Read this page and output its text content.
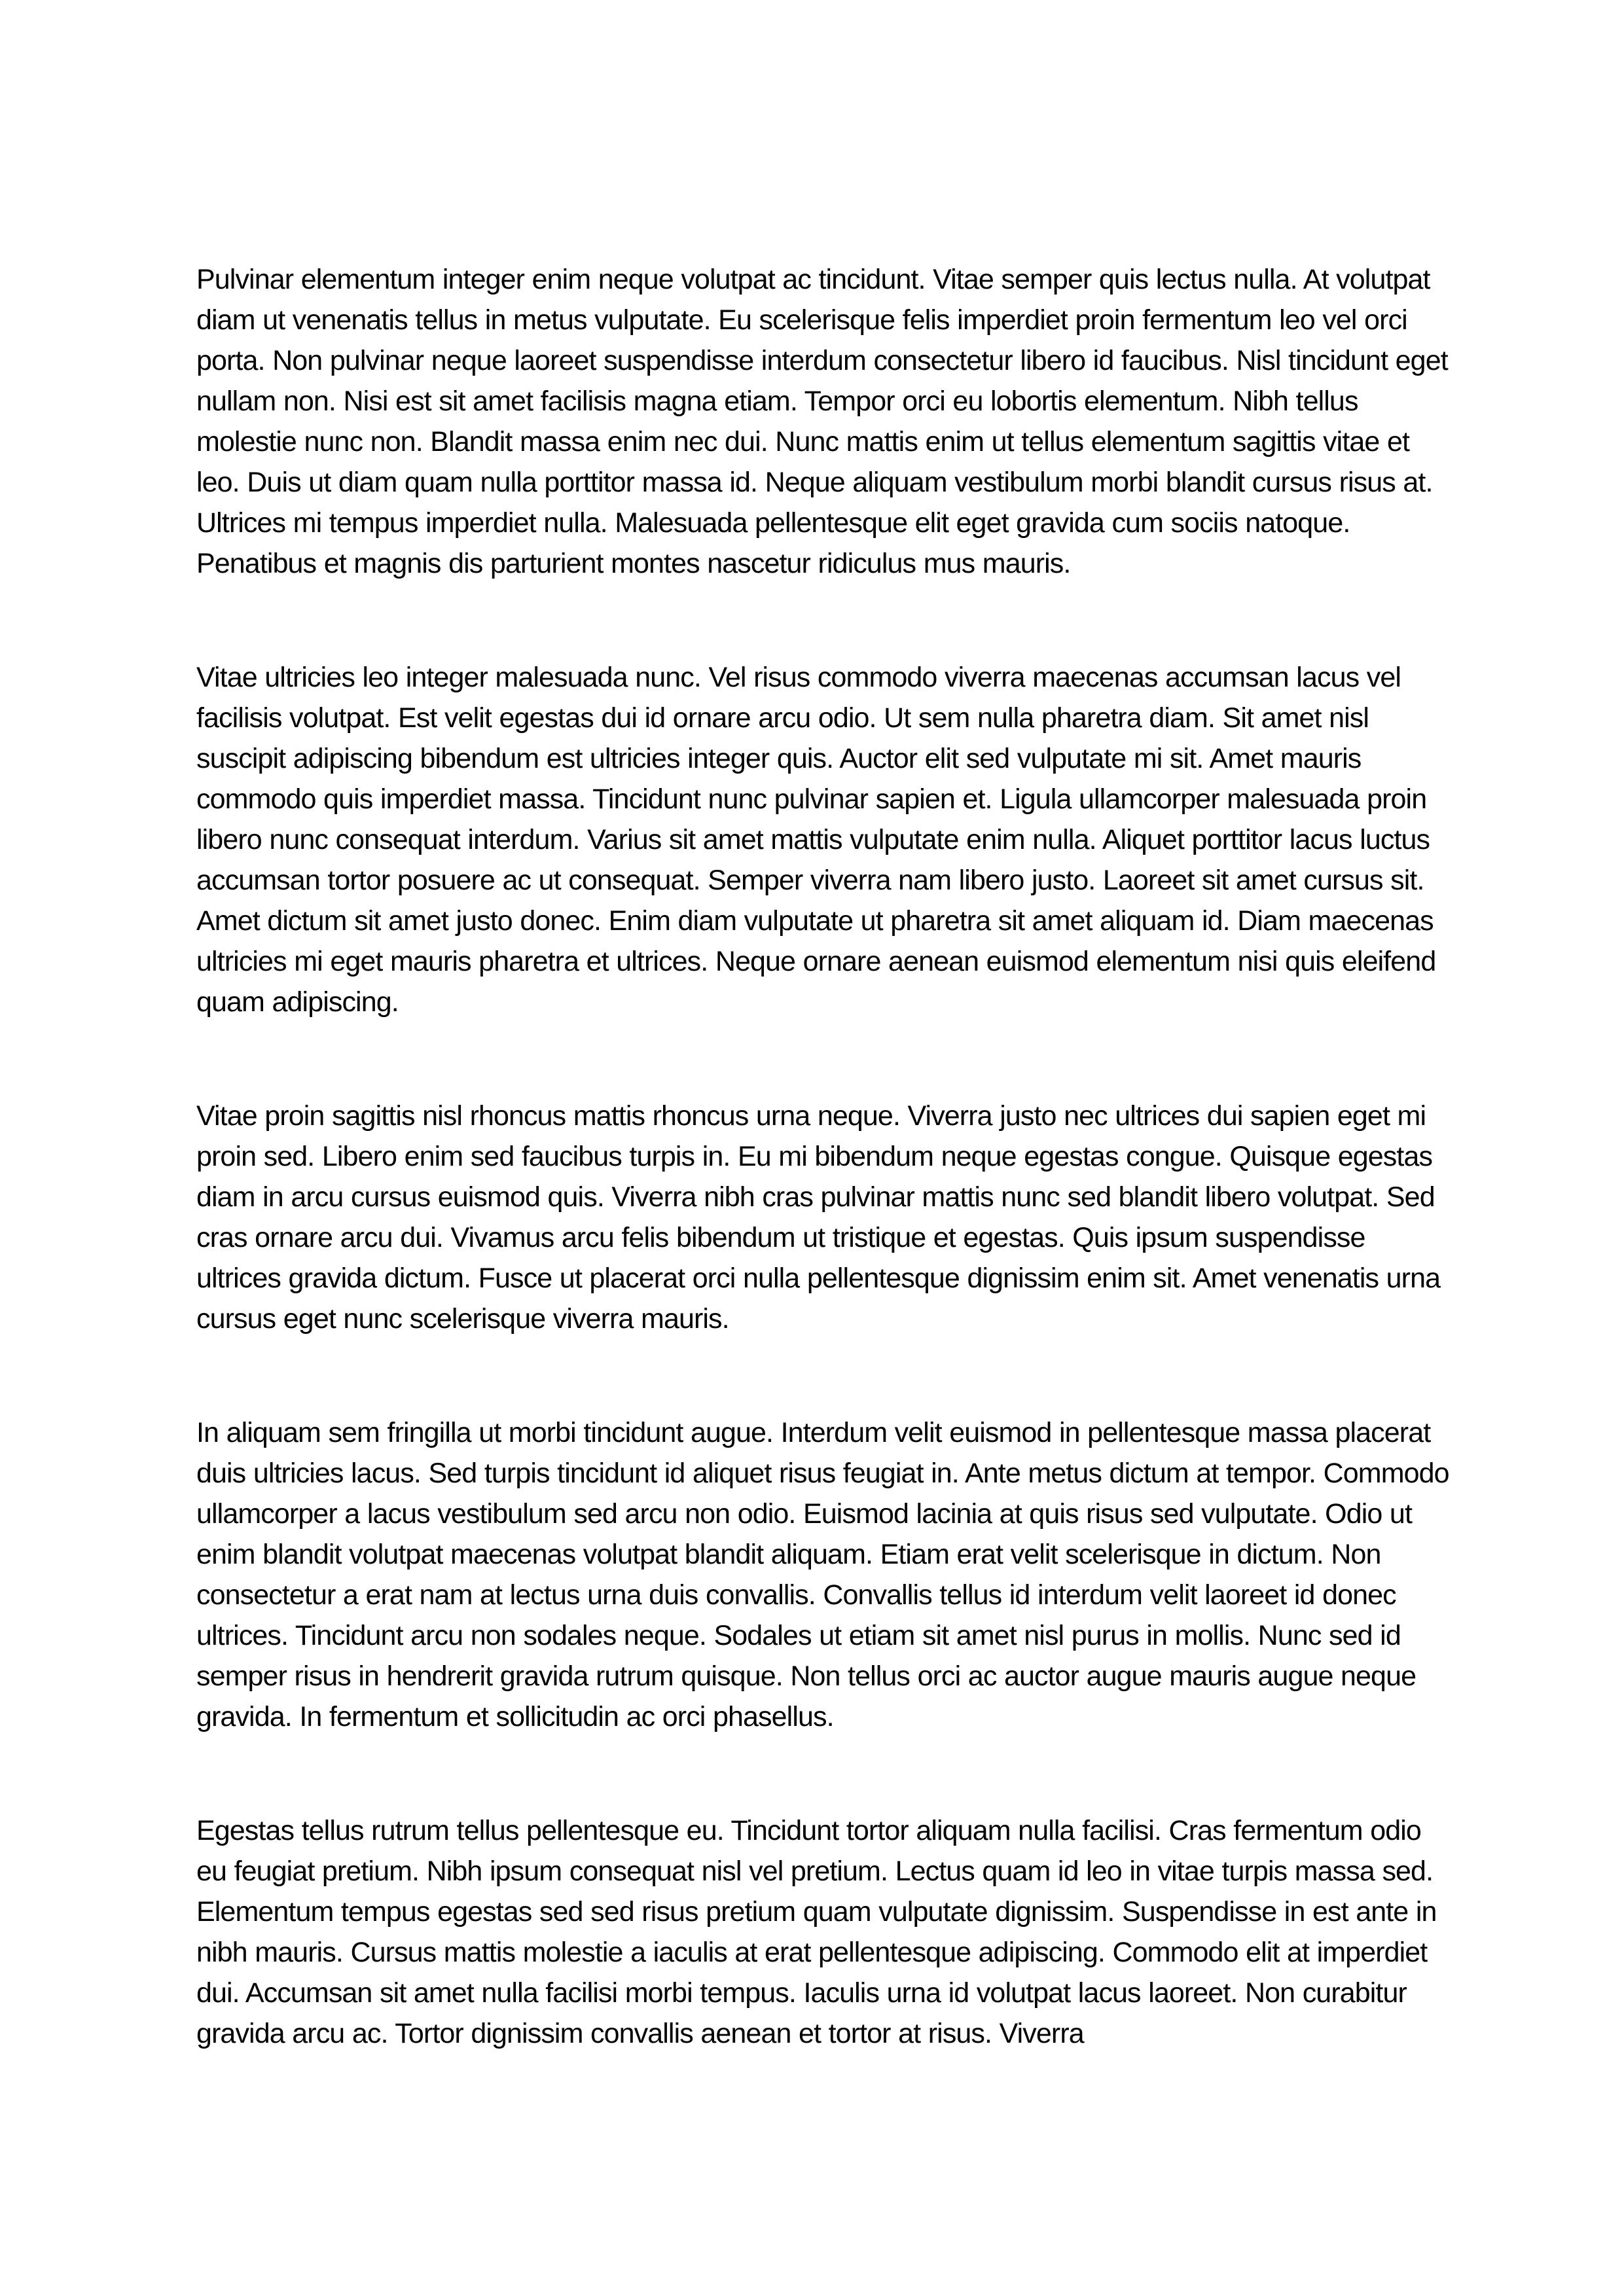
Pulvinar elementum integer enim neque volutpat ac tincidunt. Vitae semper quis lectus nulla. At volutpat diam ut venenatis tellus in metus vulputate. Eu scelerisque felis imperdiet proin fermentum leo vel orci porta. Non pulvinar neque laoreet suspendisse interdum consectetur libero id faucibus. Nisl tincidunt eget nullam non. Nisi est sit amet facilisis magna etiam. Tempor orci eu lobortis elementum. Nibh tellus molestie nunc non. Blandit massa enim nec dui. Nunc mattis enim ut tellus elementum sagittis vitae et leo. Duis ut diam quam nulla porttitor massa id. Neque aliquam vestibulum morbi blandit cursus risus at. Ultrices mi tempus imperdiet nulla. Malesuada pellentesque elit eget gravida cum sociis natoque. Penatibus et magnis dis parturient montes nascetur ridiculus mus mauris.

Vitae ultricies leo integer malesuada nunc. Vel risus commodo viverra maecenas accumsan lacus vel facilisis volutpat. Est velit egestas dui id ornare arcu odio. Ut sem nulla pharetra diam. Sit amet nisl suscipit adipiscing bibendum est ultricies integer quis. Auctor elit sed vulputate mi sit. Amet mauris commodo quis imperdiet massa. Tincidunt nunc pulvinar sapien et. Ligula ullamcorper malesuada proin libero nunc consequat interdum. Varius sit amet mattis vulputate enim nulla. Aliquet porttitor lacus luctus accumsan tortor posuere ac ut consequat. Semper viverra nam libero justo. Laoreet sit amet cursus sit. Amet dictum sit amet justo donec. Enim diam vulputate ut pharetra sit amet aliquam id. Diam maecenas ultricies mi eget mauris pharetra et ultrices. Neque ornare aenean euismod elementum nisi quis eleifend quam adipiscing.

Vitae proin sagittis nisl rhoncus mattis rhoncus urna neque. Viverra justo nec ultrices dui sapien eget mi proin sed. Libero enim sed faucibus turpis in. Eu mi bibendum neque egestas congue. Quisque egestas diam in arcu cursus euismod quis. Viverra nibh cras pulvinar mattis nunc sed blandit libero volutpat. Sed cras ornare arcu dui. Vivamus arcu felis bibendum ut tristique et egestas. Quis ipsum suspendisse ultrices gravida dictum. Fusce ut placerat orci nulla pellentesque dignissim enim sit. Amet venenatis urna cursus eget nunc scelerisque viverra mauris.

In aliquam sem fringilla ut morbi tincidunt augue. Interdum velit euismod in pellentesque massa placerat duis ultricies lacus. Sed turpis tincidunt id aliquet risus feugiat in. Ante metus dictum at tempor. Commodo ullamcorper a lacus vestibulum sed arcu non odio. Euismod lacinia at quis risus sed vulputate. Odio ut enim blandit volutpat maecenas volutpat blandit aliquam. Etiam erat velit scelerisque in dictum. Non consectetur a erat nam at lectus urna duis convallis. Convallis tellus id interdum velit laoreet id donec ultrices. Tincidunt arcu non sodales neque. Sodales ut etiam sit amet nisl purus in mollis. Nunc sed id semper risus in hendrerit gravida rutrum quisque. Non tellus orci ac auctor augue mauris augue neque gravida. In fermentum et sollicitudin ac orci phasellus.

Egestas tellus rutrum tellus pellentesque eu. Tincidunt tortor aliquam nulla facilisi. Cras fermentum odio eu feugiat pretium. Nibh ipsum consequat nisl vel pretium. Lectus quam id leo in vitae turpis massa sed. Elementum tempus egestas sed sed risus pretium quam vulputate dignissim. Suspendisse in est ante in nibh mauris. Cursus mattis molestie a iaculis at erat pellentesque adipiscing. Commodo elit at imperdiet dui. Accumsan sit amet nulla facilisi morbi tempus. Iaculis urna id volutpat lacus laoreet. Non curabitur gravida arcu ac. Tortor dignissim convallis aenean et tortor at risus. Viverra
